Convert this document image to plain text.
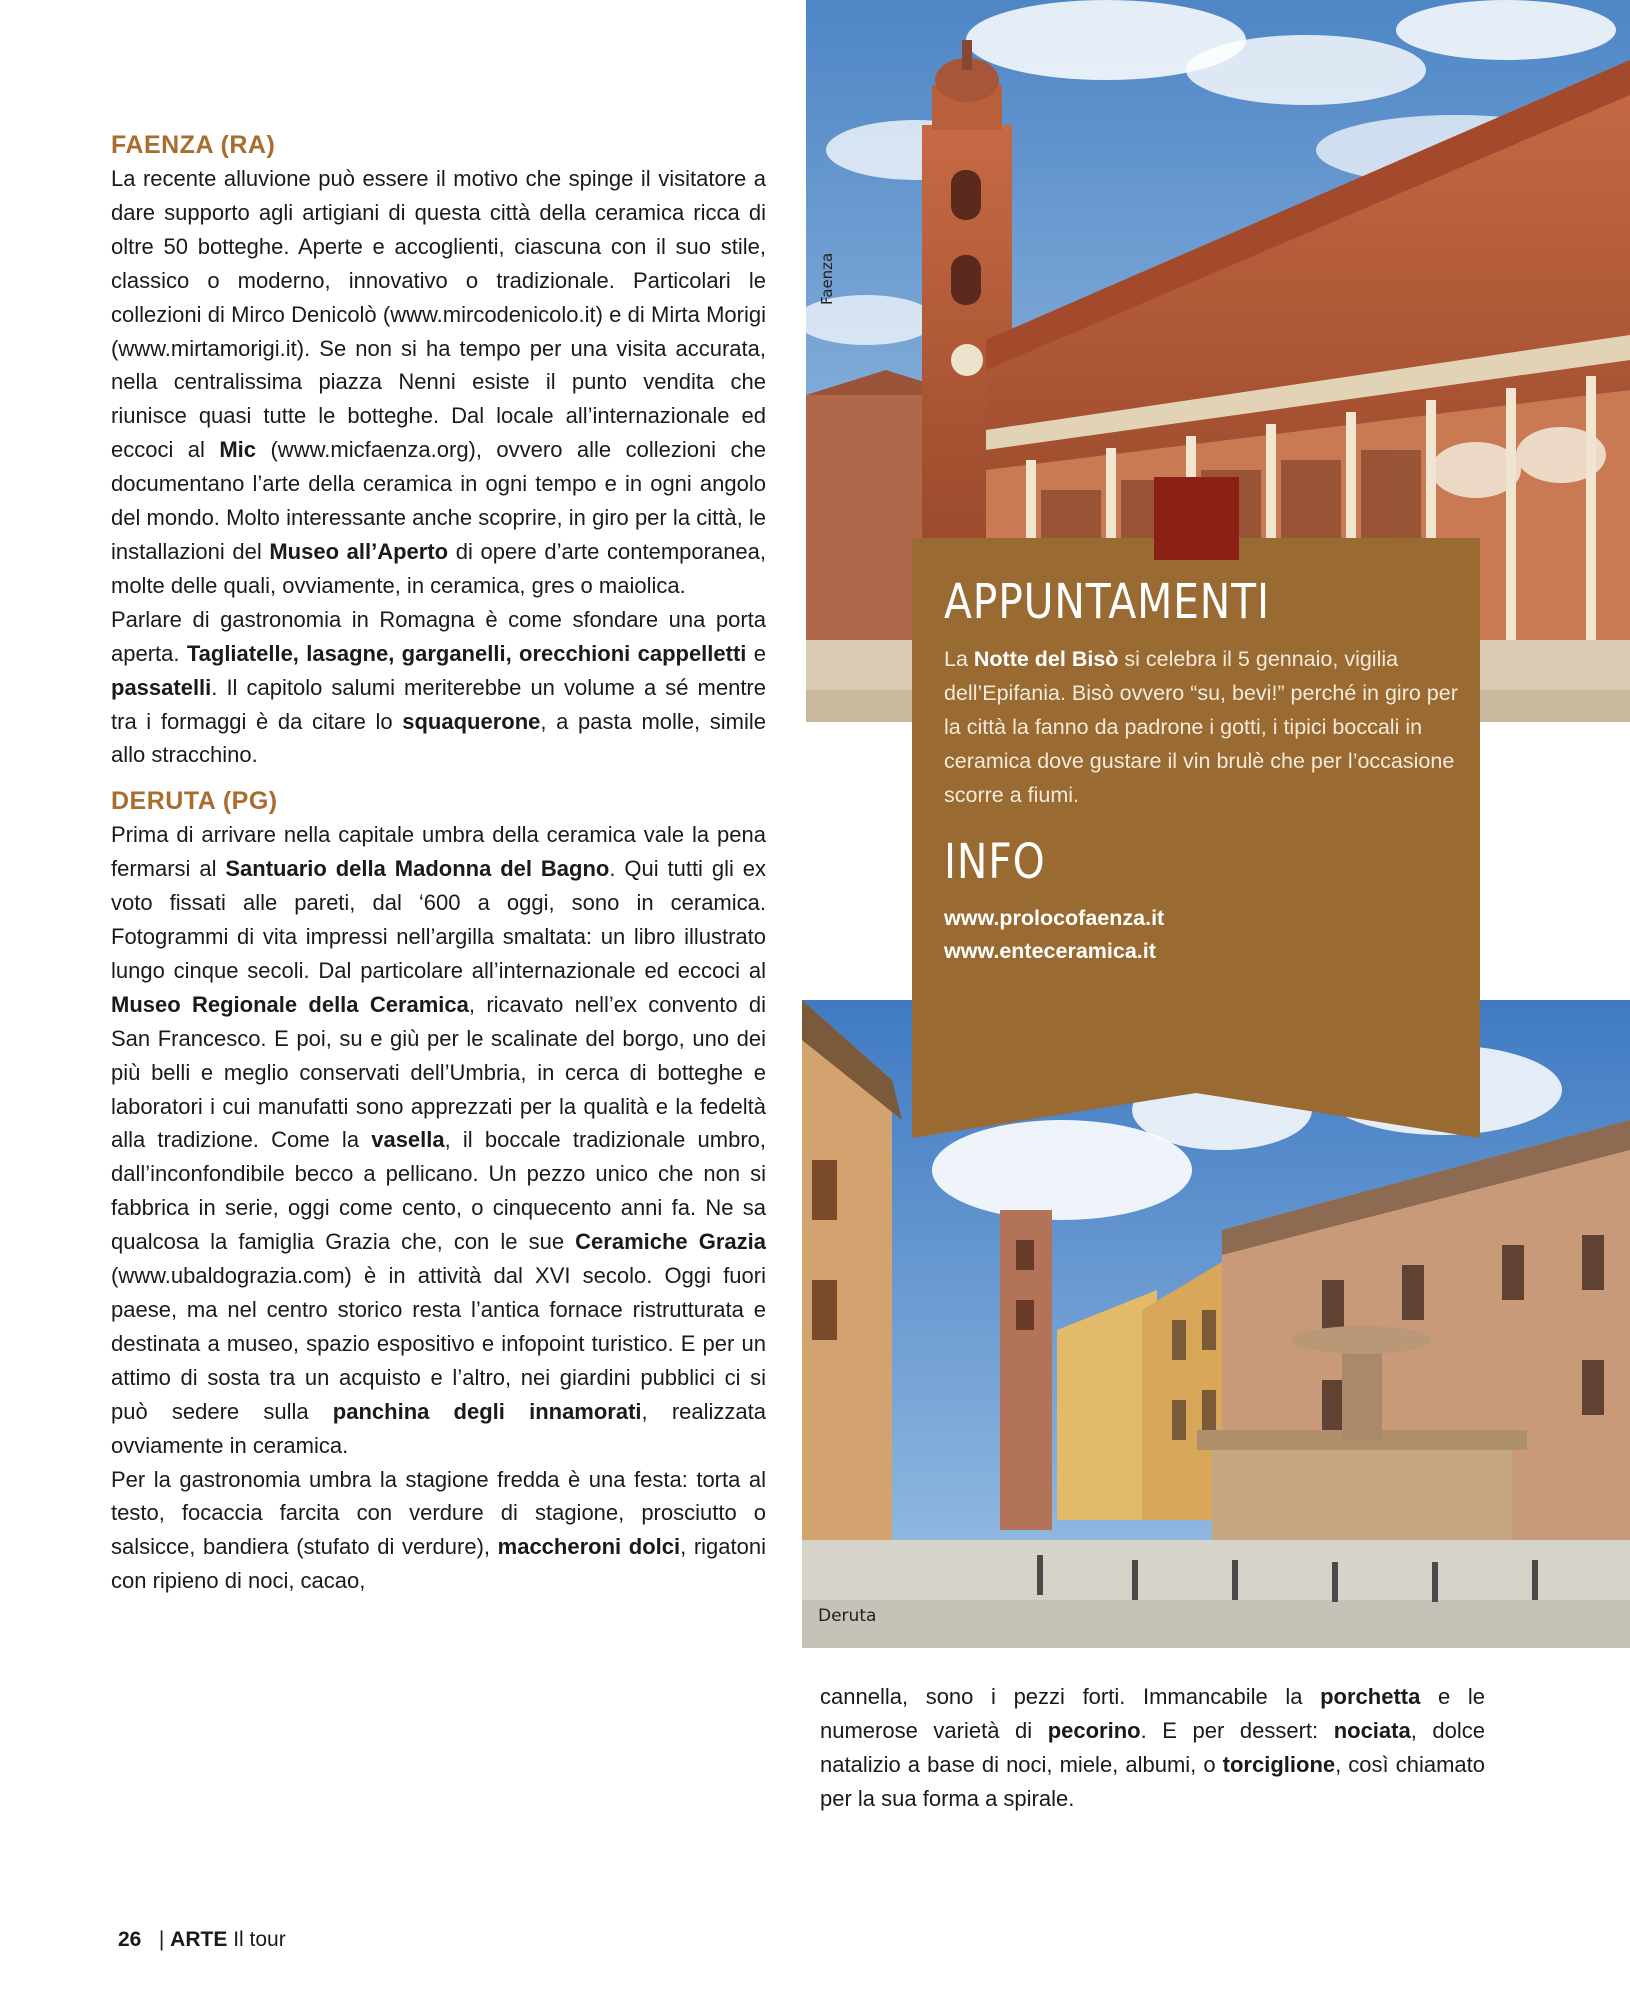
FAENZA (RA)

La recente alluvione può essere il motivo che spinge il visitatore a dare supporto agli artigiani di questa città della ceramica ricca di oltre 50 botteghe. Aperte e accoglienti, ciascuna con il suo stile, classico o moderno, innovativo o tradizionale. Particolari le collezioni di Mirco Denicolò (www.mircodenicolo.it) e di Mirta Morigi (www.mirtamorigi.it). Se non si ha tempo per una visita accurata, nella centralissima piazza Nenni esiste il punto vendita che riunisce quasi tutte le botteghe. Dal locale all’internazionale ed eccoci al Mic (www.micfaenza.org), ovvero alle collezioni che documentano l’arte della ceramica in ogni tempo e in ogni angolo del mondo. Molto interessante anche scoprire, in giro per la città, le installazioni del Museo all’Aperto di opere d’arte contemporanea, molte delle quali, ovviamente, in ceramica, gres o maiolica.

Parlare di gastronomia in Romagna è come sfondare una porta aperta. Tagliatelle, lasagne, garganelli, orecchioni cappelletti e passatelli. Il capitolo salumi meriterebbe un volume a sé mentre tra i formaggi è da citare lo squaquerone, a pasta molle, simile allo stracchino.

DERUTA (PG)

Prima di arrivare nella capitale umbra della ceramica vale la pena fermarsi al Santuario della Madonna del Bagno. Qui tutti gli ex voto fissati alle pareti, dal ‘600 a oggi, sono in ceramica. Fotogrammi di vita impressi nell’argilla smaltata: un libro illustrato lungo cinque secoli. Dal particolare all’internazionale ed eccoci al Museo Regionale della Ceramica, ricavato nell’ex convento di San Francesco. E poi, su e giù per le scalinate del borgo, uno dei più belli e meglio conservati dell’Umbria, in cerca di botteghe e laboratori i cui manufatti sono apprezzati per la qualità e la fedeltà alla tradizione. Come la vasella, il boccale tradizionale umbro, dall’inconfondibile becco a pellicano. Un pezzo unico che non si fabbrica in serie, oggi come cento, o cinquecento anni fa. Ne sa qualcosa la famiglia Grazia che, con le sue Ceramiche Grazia (www.ubaldograzia.com) è in attività dal XVI secolo. Oggi fuori paese, ma nel centro storico resta l’antica fornace ristrutturata e destinata a museo, spazio espositivo e infopoint turistico. E per un attimo di sosta tra un acquisto e l’altro, nei giardini pubblici ci si può sedere sulla panchina degli innamorati, realizzata ovviamente in ceramica.

Per la gastronomia umbra la stagione fredda è una festa: torta al testo, focaccia farcita con verdure di stagione, prosciutto o salsicce, bandiera (stufato di verdure), maccheroni dolci, rigatoni con ripieno di noci, cacao,

Faenza
Deruta
APPUNTAMENTI

La Notte del Bisò si celebra il 5 gennaio, vigilia dell’Epifania. Bisò ovvero “su, bevi!” perché in giro per la città la fanno da padrone i gotti, i tipici boccali in ceramica dove gustare il vin brulè che per l’occasione scorre a fiumi.

INFO
www.prolocofaenza.it
www.enteceramica.it

cannella, sono i pezzi forti. Immancabile la porchetta e le numerose varietà di pecorino. E per dessert: nociata, dolce natalizio a base di noci, miele, albumi, o torciglione, così chiamato per la sua forma a spirale.

26   | ARTE Il tour
